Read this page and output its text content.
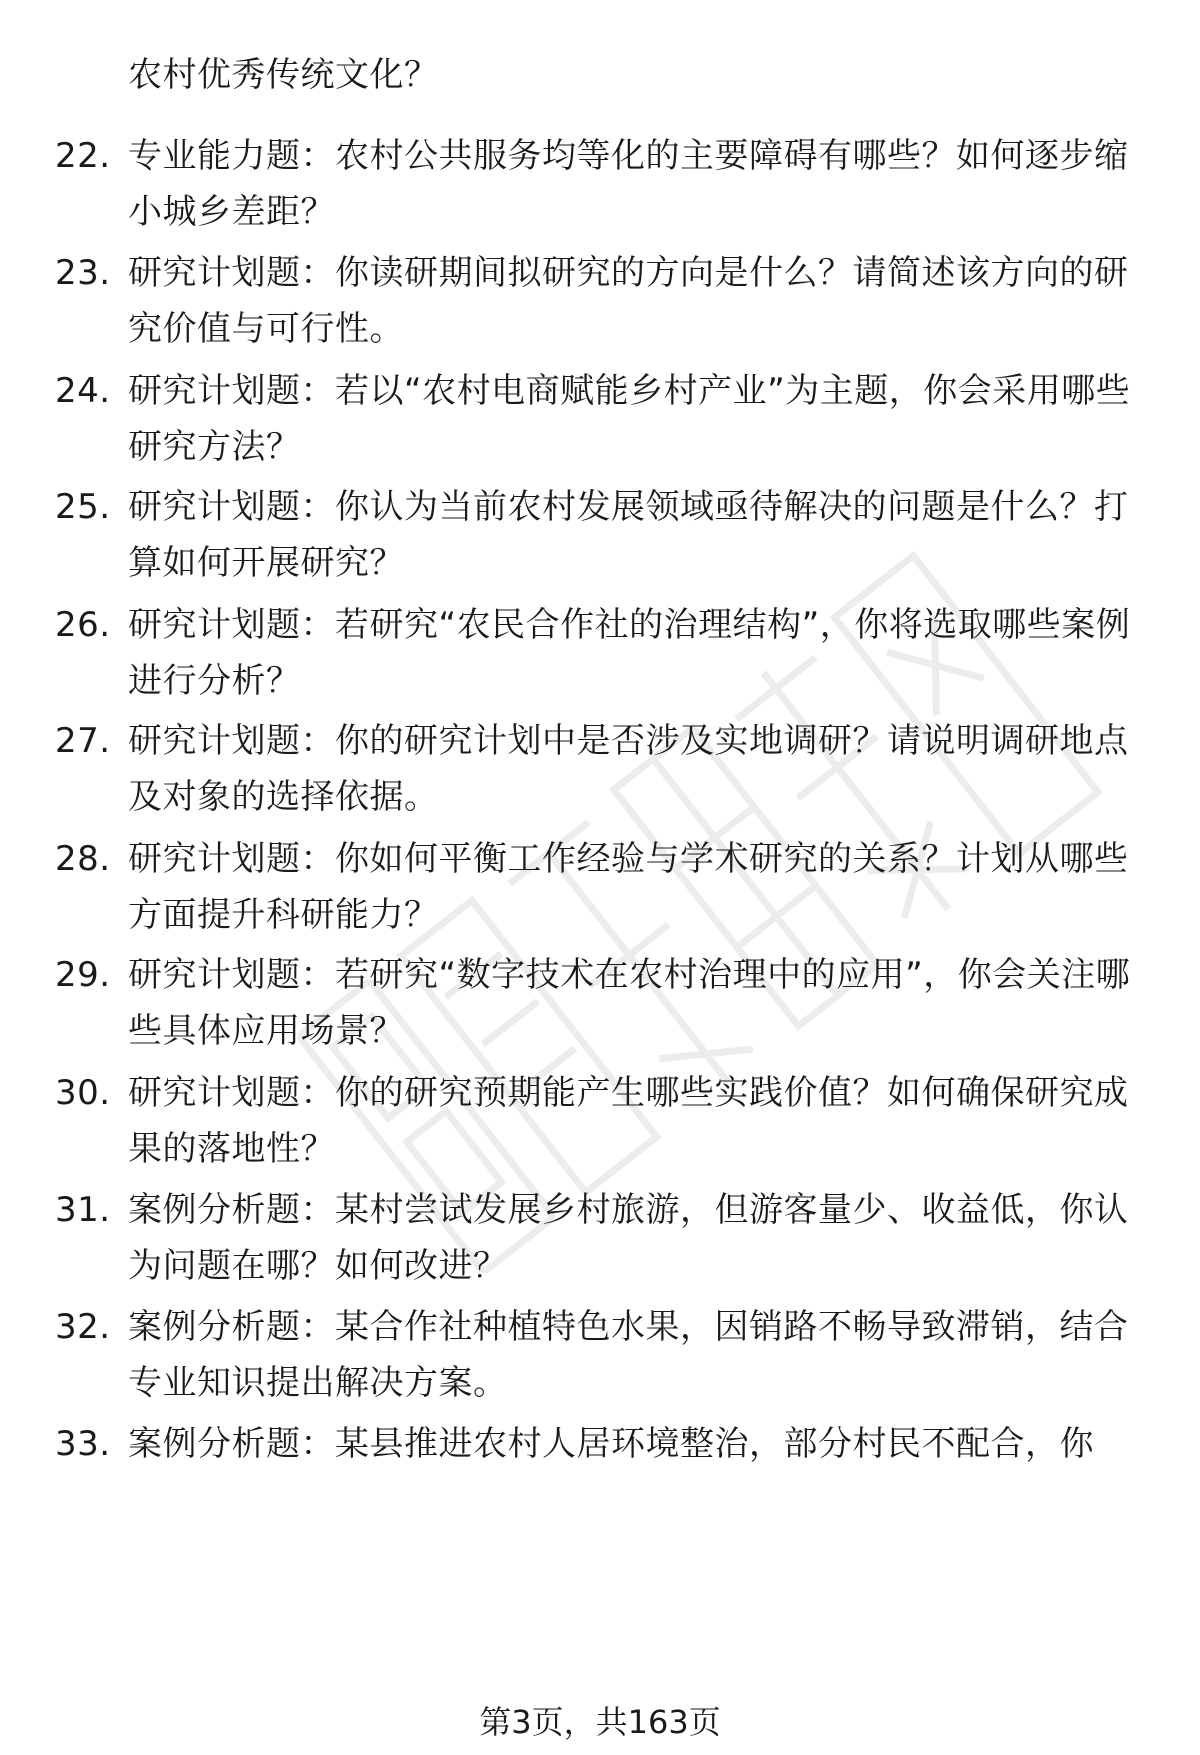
农村优秀传统文化？
22. 专业能力题：农村公共服务均等化的主要障碍有哪些？如何逐步缩小城乡差距？
23. 研究计划题：你读研期间拟研究的方向是什么？请简述该方向的研究价值与可行性。
24. 研究计划题：若以“农村电商赋能乡村产业”为主题，你会采用哪些研究方法？
25. 研究计划题：你认为当前农村发展领域亟待解决的问题是什么？打算如何开展研究？
26. 研究计划题：若研究“农民合作社的治理结构”，你将选取哪些案例进行分析？
27. 研究计划题：你的研究计划中是否涉及实地调研？请说明调研地点及对象的选择依据。
28. 研究计划题：你如何平衡工作经验与学术研究的关系？计划从哪些方面提升科研能力？
29. 研究计划题：若研究“数字技术在农村治理中的应用”，你会关注哪些具体应用场景？
30. 研究计划题：你的研究预期能产生哪些实践价值？如何确保研究成果的落地性？
31. 案例分析题：某村尝试发展乡村旅游，但游客量少、收益低，你认为问题在哪？如何改进？
32. 案例分析题：某合作社种植特色水果，因销路不畅导致滞销，结合专业知识提出解决方案。
33. 案例分析题：某县推进农村人居环境整治，部分村民不配合，你
第3页，共163页
